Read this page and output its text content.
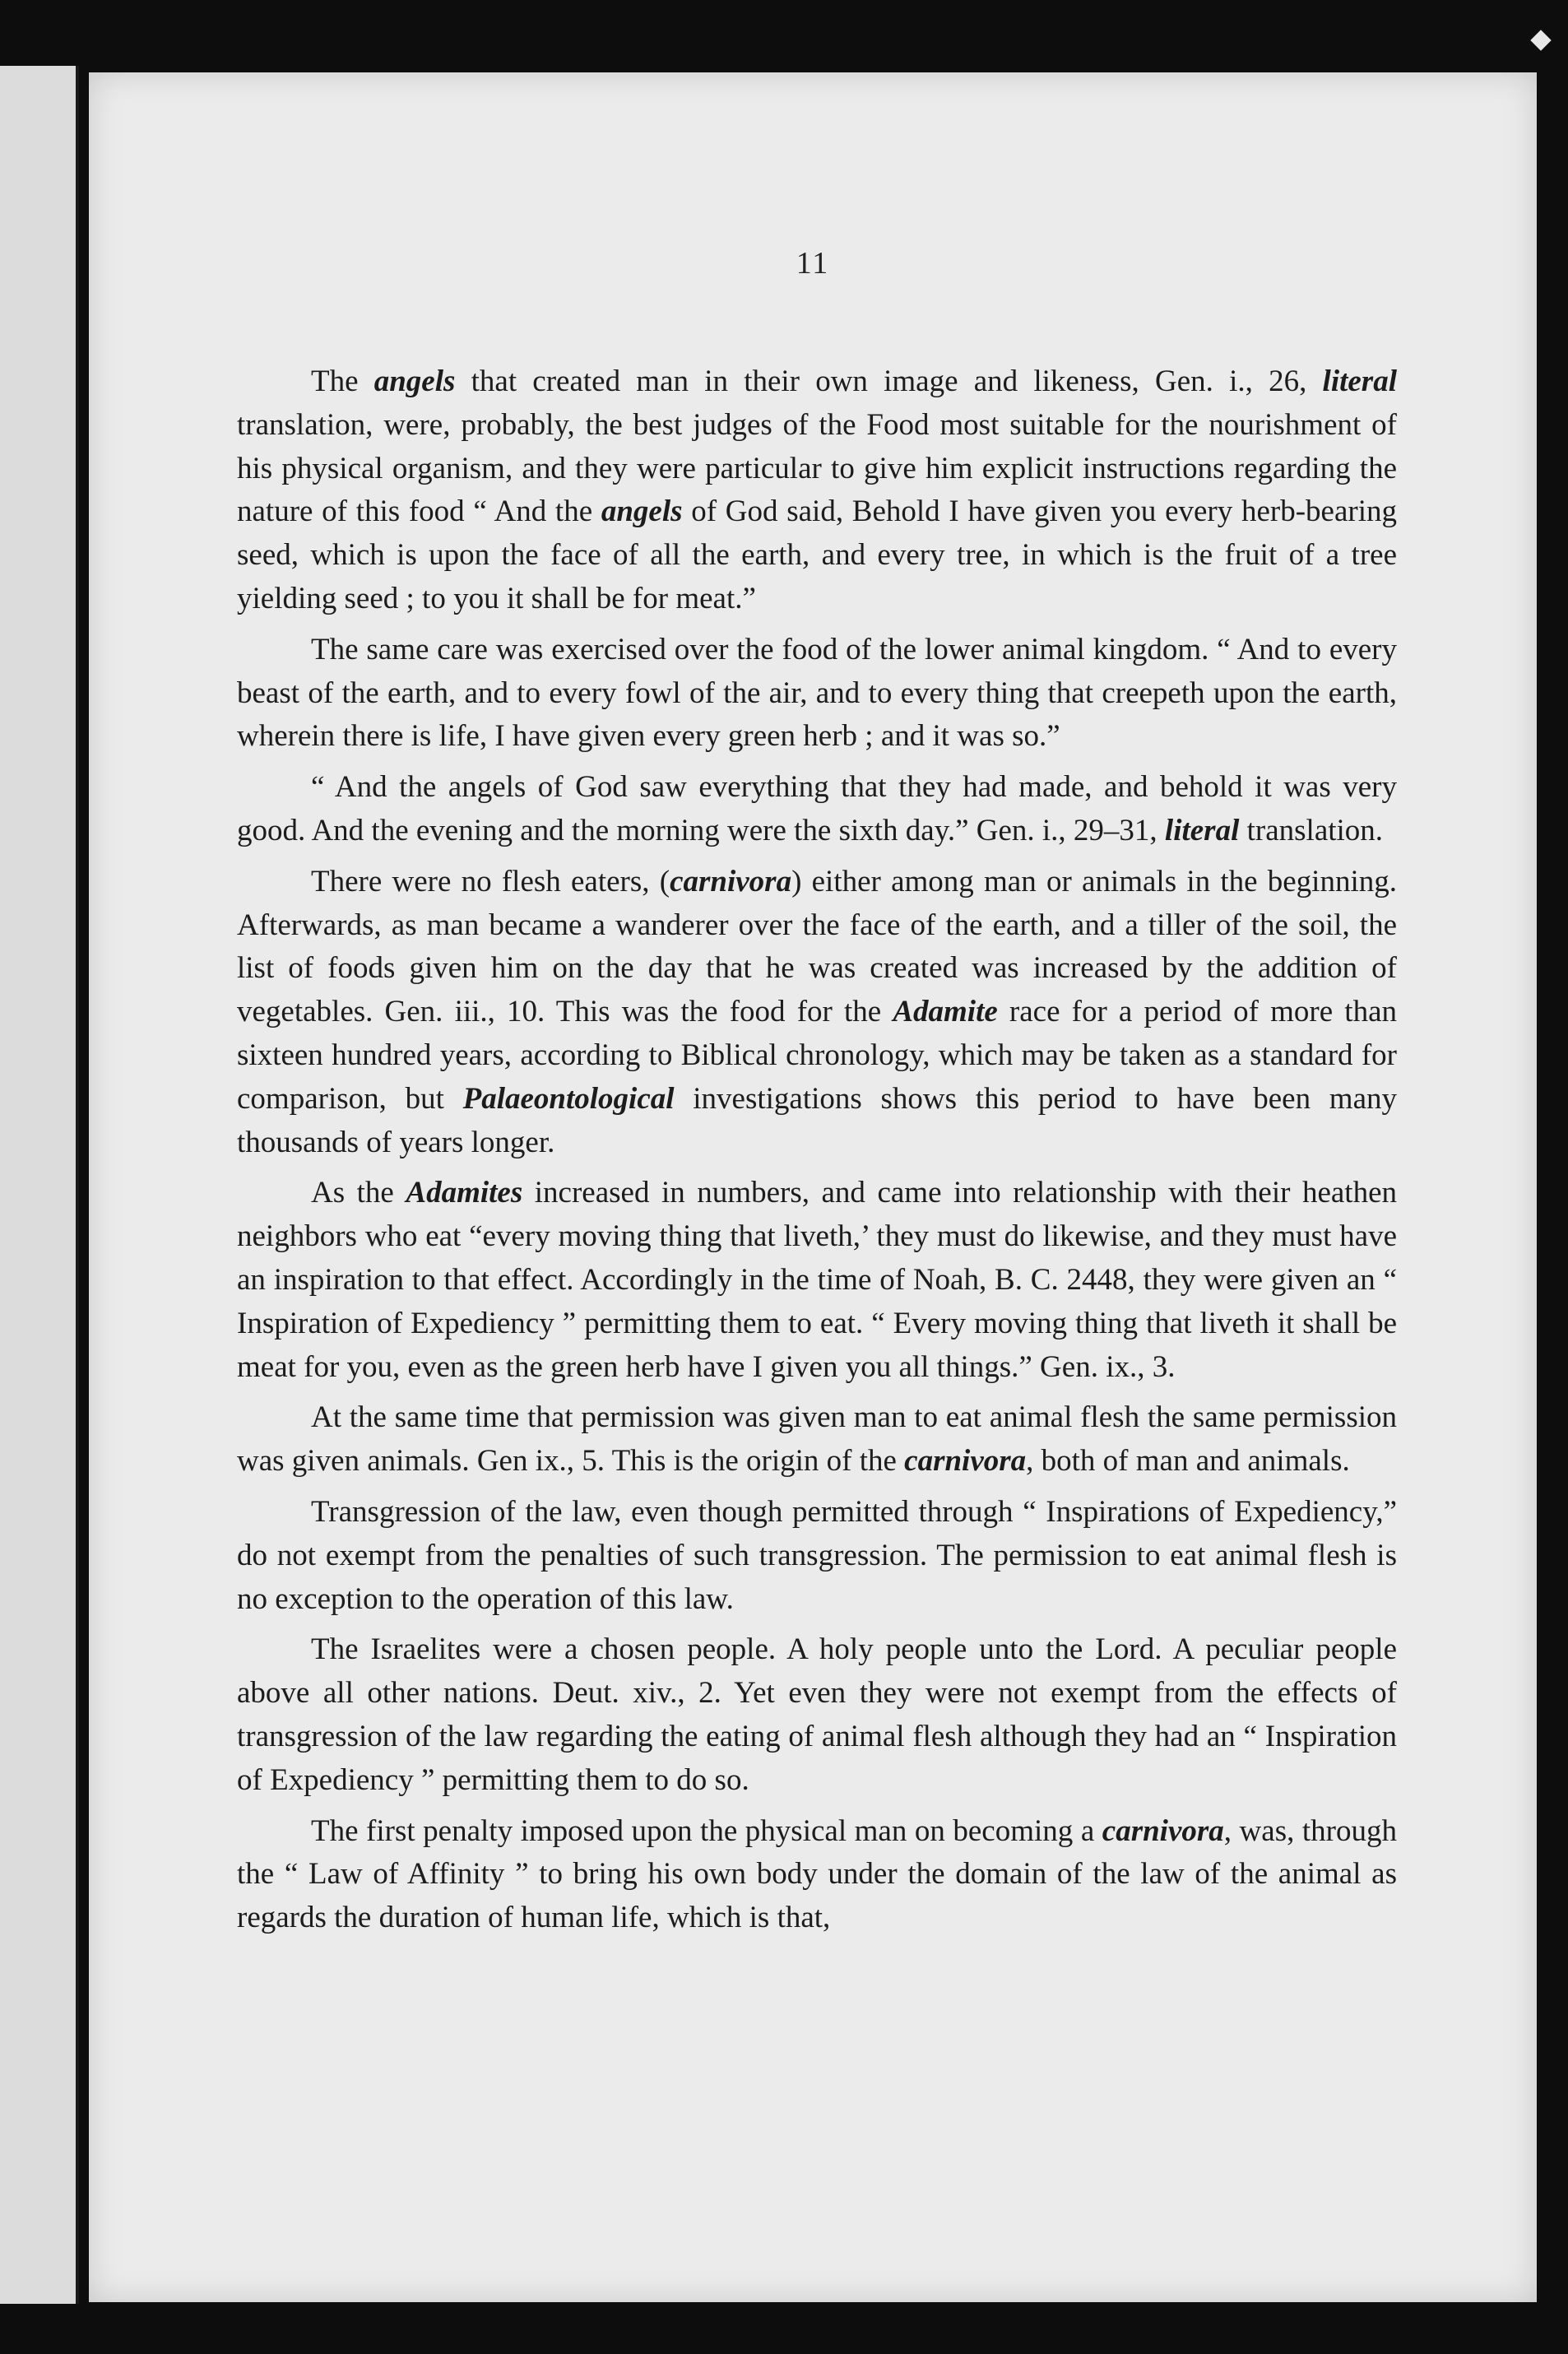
11

The angels that created man in their own image and likeness, Gen. i., 26, literal translation, were, probably, the best judges of the Food most suitable for the nourishment of his physical organism, and they were particular to give him explicit instructions regarding the nature of this food “ And the angels of God said, Behold I have given you every herb-bearing seed, which is upon the face of all the earth, and every tree, in which is the fruit of a tree yielding seed ; to you it shall be for meat.”

The same care was exercised over the food of the lower animal kingdom. “ And to every beast of the earth, and to every fowl of the air, and to every thing that creepeth upon the earth, wherein there is life, I have given every green herb ; and it was so.”

“ And the angels of God saw everything that they had made, and behold it was very good. And the evening and the morning were the sixth day.” Gen. i., 29–31, literal translation.

There were no flesh eaters, (carnivora) either among man or animals in the beginning. Afterwards, as man became a wanderer over the face of the earth, and a tiller of the soil, the list of foods given him on the day that he was created was increased by the addition of vegetables. Gen. iii., 10. This was the food for the Adamite race for a period of more than sixteen hundred years, according to Biblical chronology, which may be taken as a standard for comparison, but Palaeontological investigations shows this period to have been many thousands of years longer.

As the Adamites increased in numbers, and came into relationship with their heathen neighbors who eat “every moving thing that liveth,’ they must do likewise, and they must have an inspiration to that effect. Accordingly in the time of Noah, B. C. 2448, they were given an “ Inspiration of Expediency ” permitting them to eat. “ Every moving thing that liveth it shall be meat for you, even as the green herb have I given you all things.” Gen. ix., 3.

At the same time that permission was given man to eat animal flesh the same permission was given animals. Gen ix., 5. This is the origin of the carnivora, both of man and animals.

Transgression of the law, even though permitted through “ Inspirations of Expediency,” do not exempt from the penalties of such transgression. The permission to eat animal flesh is no exception to the operation of this law.

The Israelites were a chosen people. A holy people unto the Lord. A peculiar people above all other nations. Deut. xiv., 2. Yet even they were not exempt from the effects of transgression of the law regarding the eating of animal flesh although they had an “ Inspiration of Expediency ” permitting them to do so.

The first penalty imposed upon the physical man on becoming a carnivora, was, through the “ Law of Affinity ” to bring his own body under the domain of the law of the animal as regards the duration of human life, which is that,
